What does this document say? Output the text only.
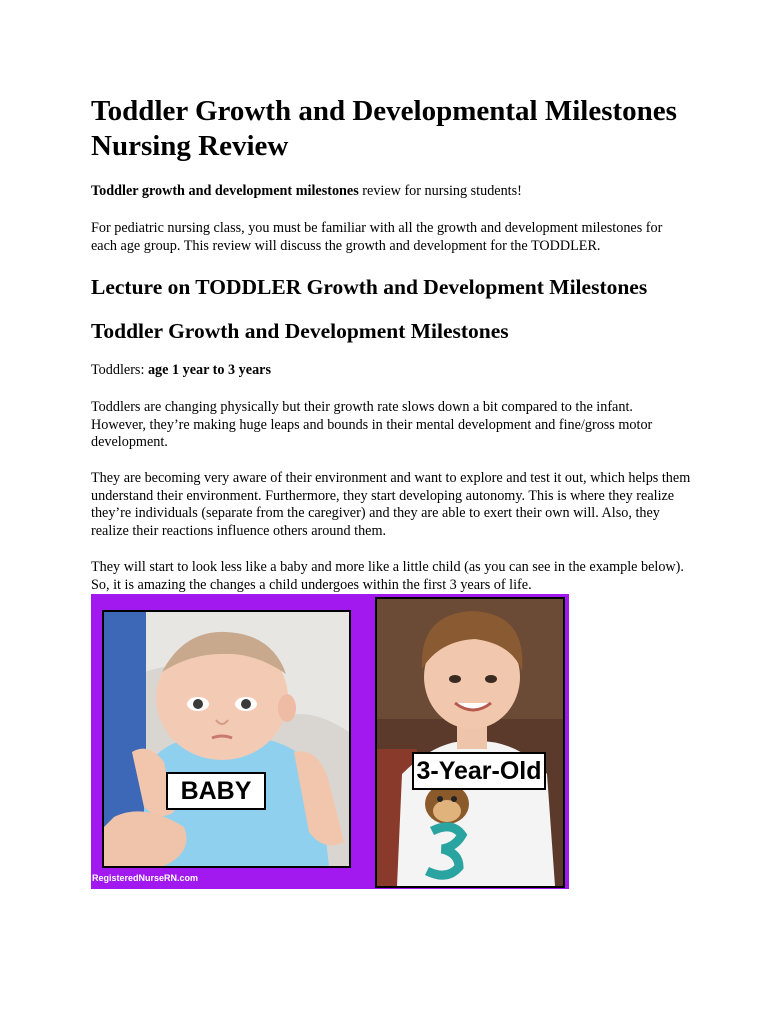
Toddler Growth and Developmental Milestones Nursing Review

Toddler growth and development milestones review for nursing students!

For pediatric nursing class, you must be familiar with all the growth and development milestones for each age group. This review will discuss the growth and development for the TODDLER.

Lecture on TODDLER Growth and Development Milestones
Toddler Growth and Development Milestones

Toddlers: age 1 year to 3 years

Toddlers are changing physically but their growth rate slows down a bit compared to the infant. However, they’re making huge leaps and bounds in their mental development and fine/gross motor development.

They are becoming very aware of their environment and want to explore and test it out, which helps them understand their environment. Furthermore, they start developing autonomy. This is where they realize they’re individuals (separate from the caregiver) and they are able to exert their own will. Also, they realize their reactions influence others around them.

They will start to look less like a baby and more like a little child (as you can see in the example below). So, it is amazing the changes a child undergoes within the first 3 years of life.

BABY
3-Year-Old
RegisteredNurseRN.com
